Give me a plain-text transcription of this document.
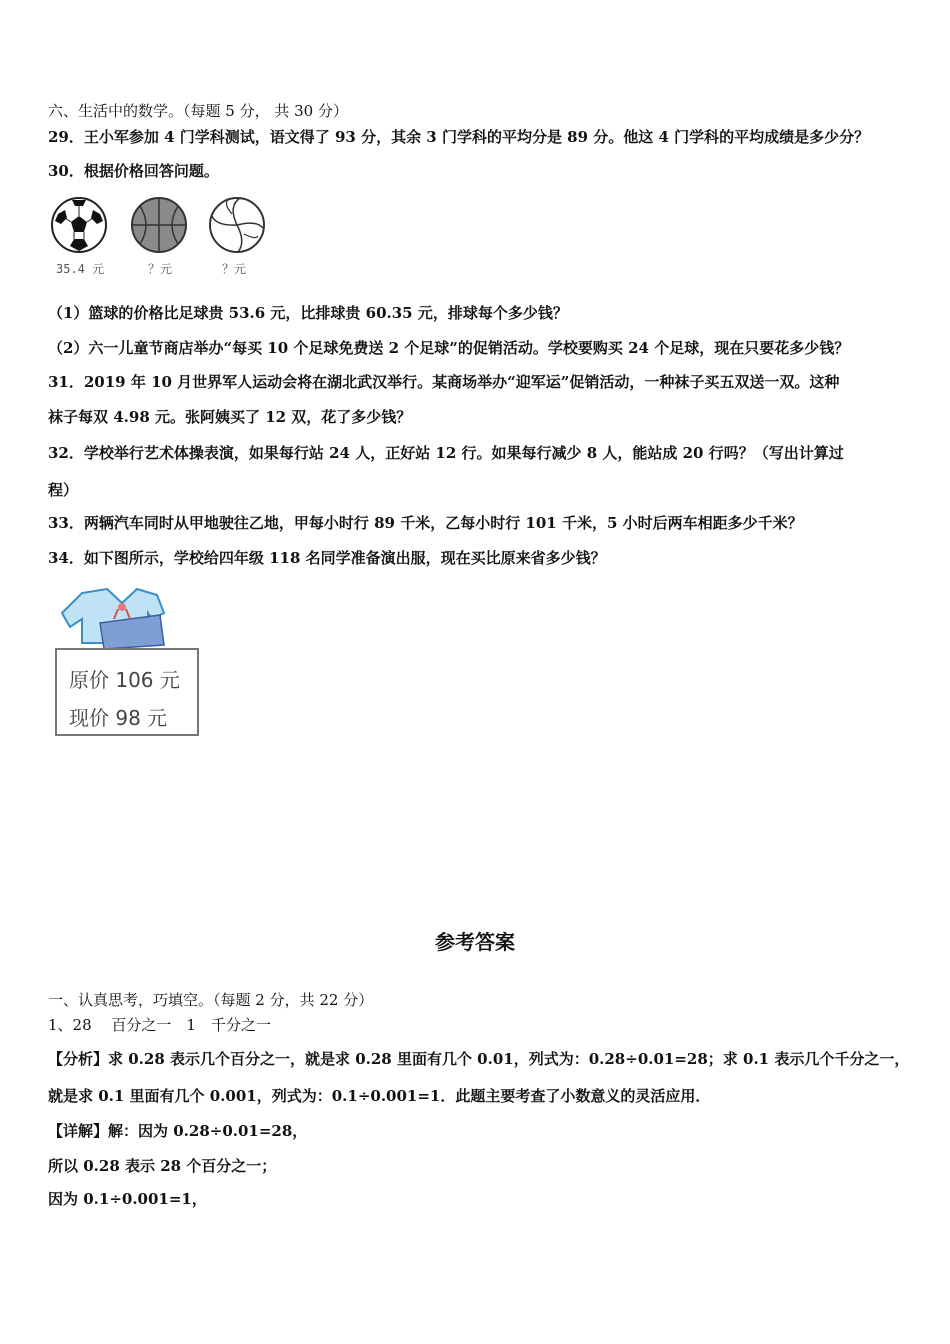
六、生活中的数学。（每题 5 分， 共 30 分）
29．王小军参加 4 门学科测试，语文得了 93 分，其余 3 门学科的平均分是 89 分。他这 4 门学科的平均成绩是多少分？
30．根据价格回答问题。
35.4 元	？元	？元
（1）篮球的价格比足球贵 53.6 元，比排球贵 60.35 元，排球每个多少钱？
（2）六一儿童节商店举办“每买 10 个足球免费送 2 个足球”的促销活动。学校要购买 24 个足球，现在只要花多少钱？
31．2019 年 10 月世界军人运动会将在湖北武汉举行。某商场举办“迎军运”促销活动，一种袜子买五双送一双。这种
袜子每双 4.98 元。张阿姨买了 12 双，花了多少钱？
32．学校举行艺术体操表演，如果每行站 24 人，正好站 12 行。如果每行减少 8 人，能站成 20 行吗？（写出计算过
程）
33．两辆汽车同时从甲地驶往乙地，甲每小时行 89 千米，乙每小时行 101 千米，5 小时后两车相距多少千米？
34．如下图所示，学校给四年级 118 名同学准备演出服，现在买比原来省多少钱？
原价 106 元
现价 98 元
参考答案
一、认真思考，巧填空。（每题 2 分，共 22 分）
1、28　 百分之一　1　千分之一
【分析】求 0.28 表示几个百分之一，就是求 0.28 里面有几个 0.01，列式为：0.28÷0.01=28；求 0.1 表示几个千分之一，
就是求 0.1 里面有几个 0.001，列式为：0.1÷0.001=1．此题主要考查了小数意义的灵活应用．
【详解】解：因为 0.28÷0.01=28，
所以 0.28 表示 28 个百分之一；
因为 0.1÷0.001=1，
